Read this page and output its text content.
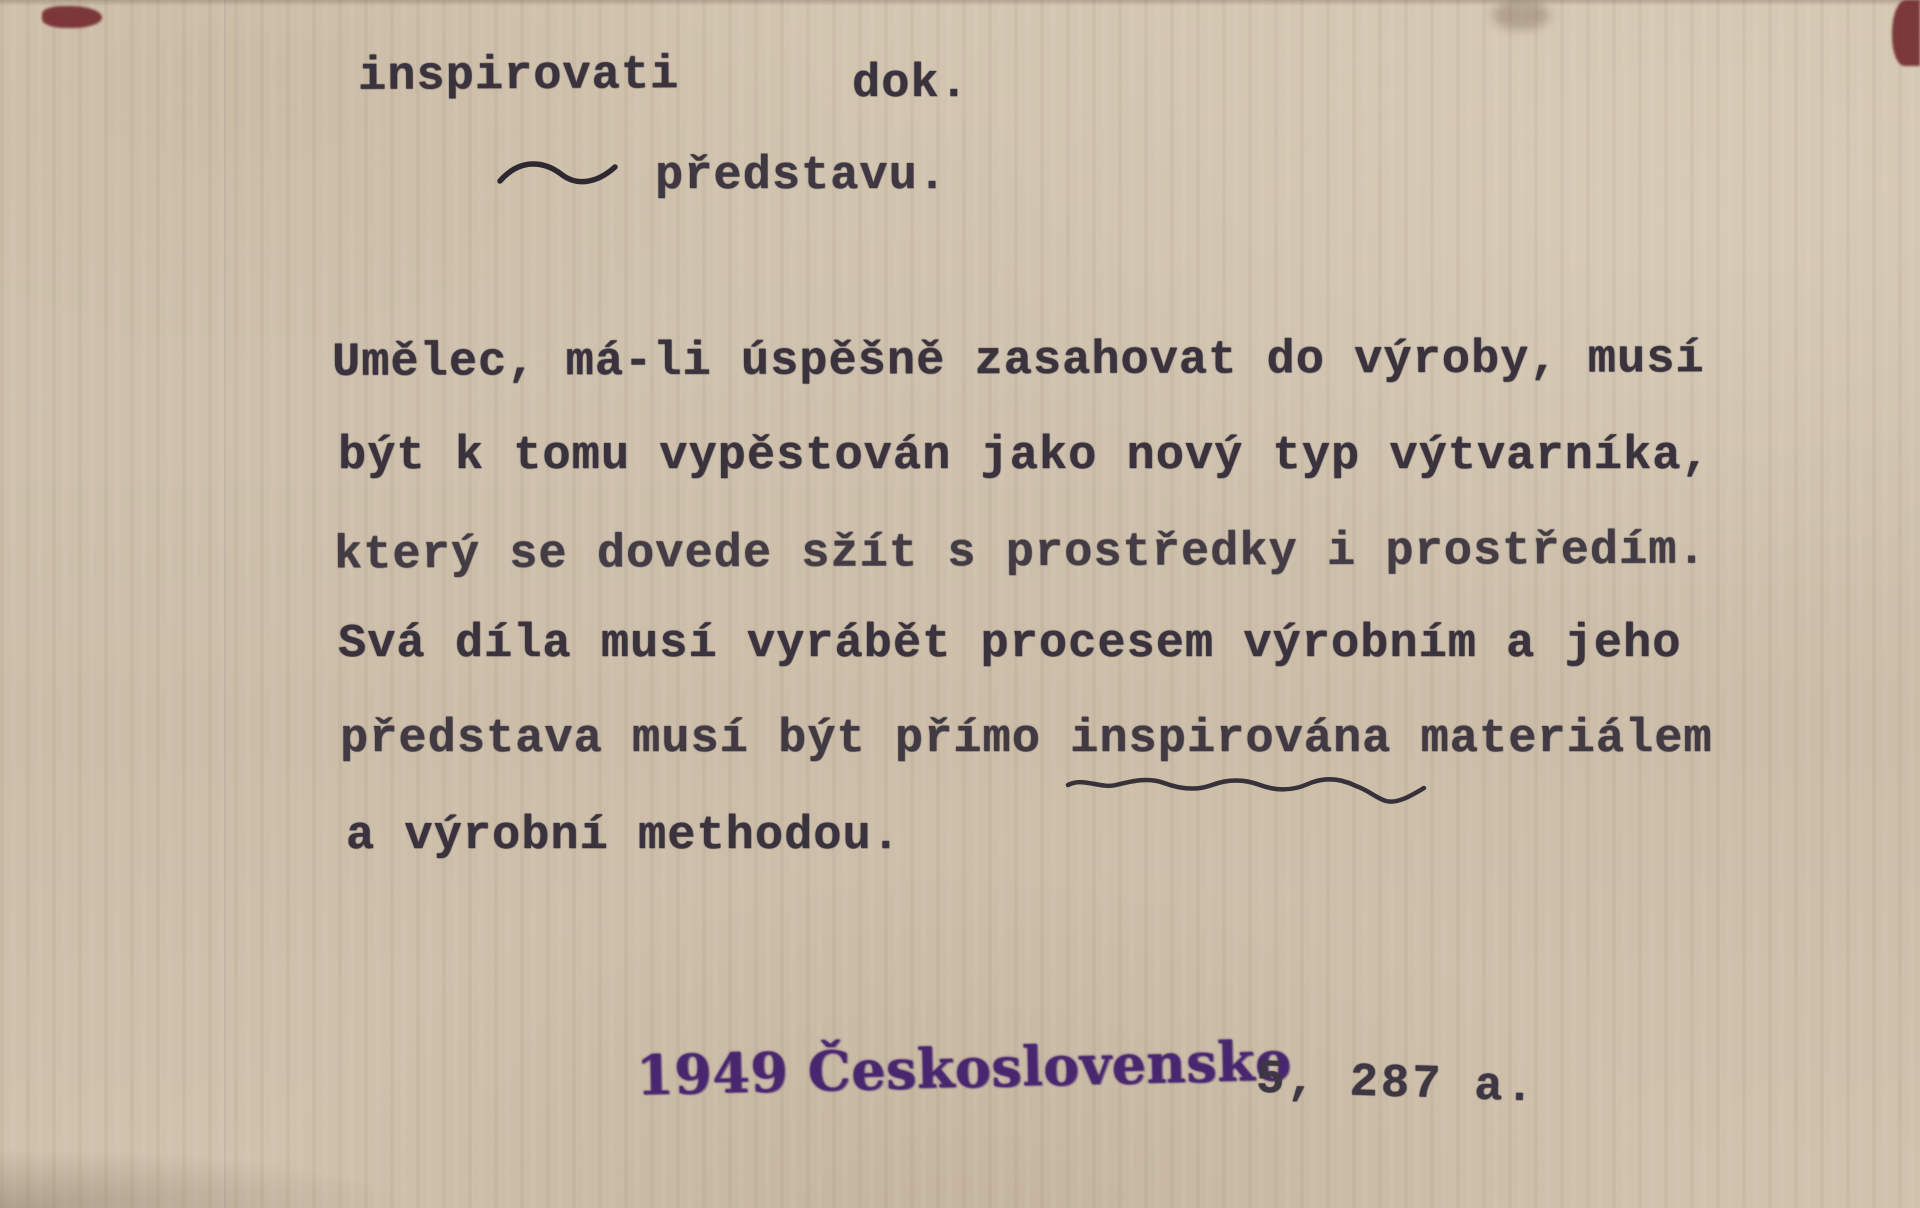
inspirovati	dok.
představu.
Umělec, má-li úspěšně zasahovat do výroby, musí
být k tomu vypěstován jako nový typ výtvarníka,
který se dovede sžít s prostředky i prostředím.
Svá díla musí vyrábět procesem výrobním a jeho
představa musí být přímo inspirována
materiálem
a výrobní methodou.
1949 Československo
5, 287 a.
